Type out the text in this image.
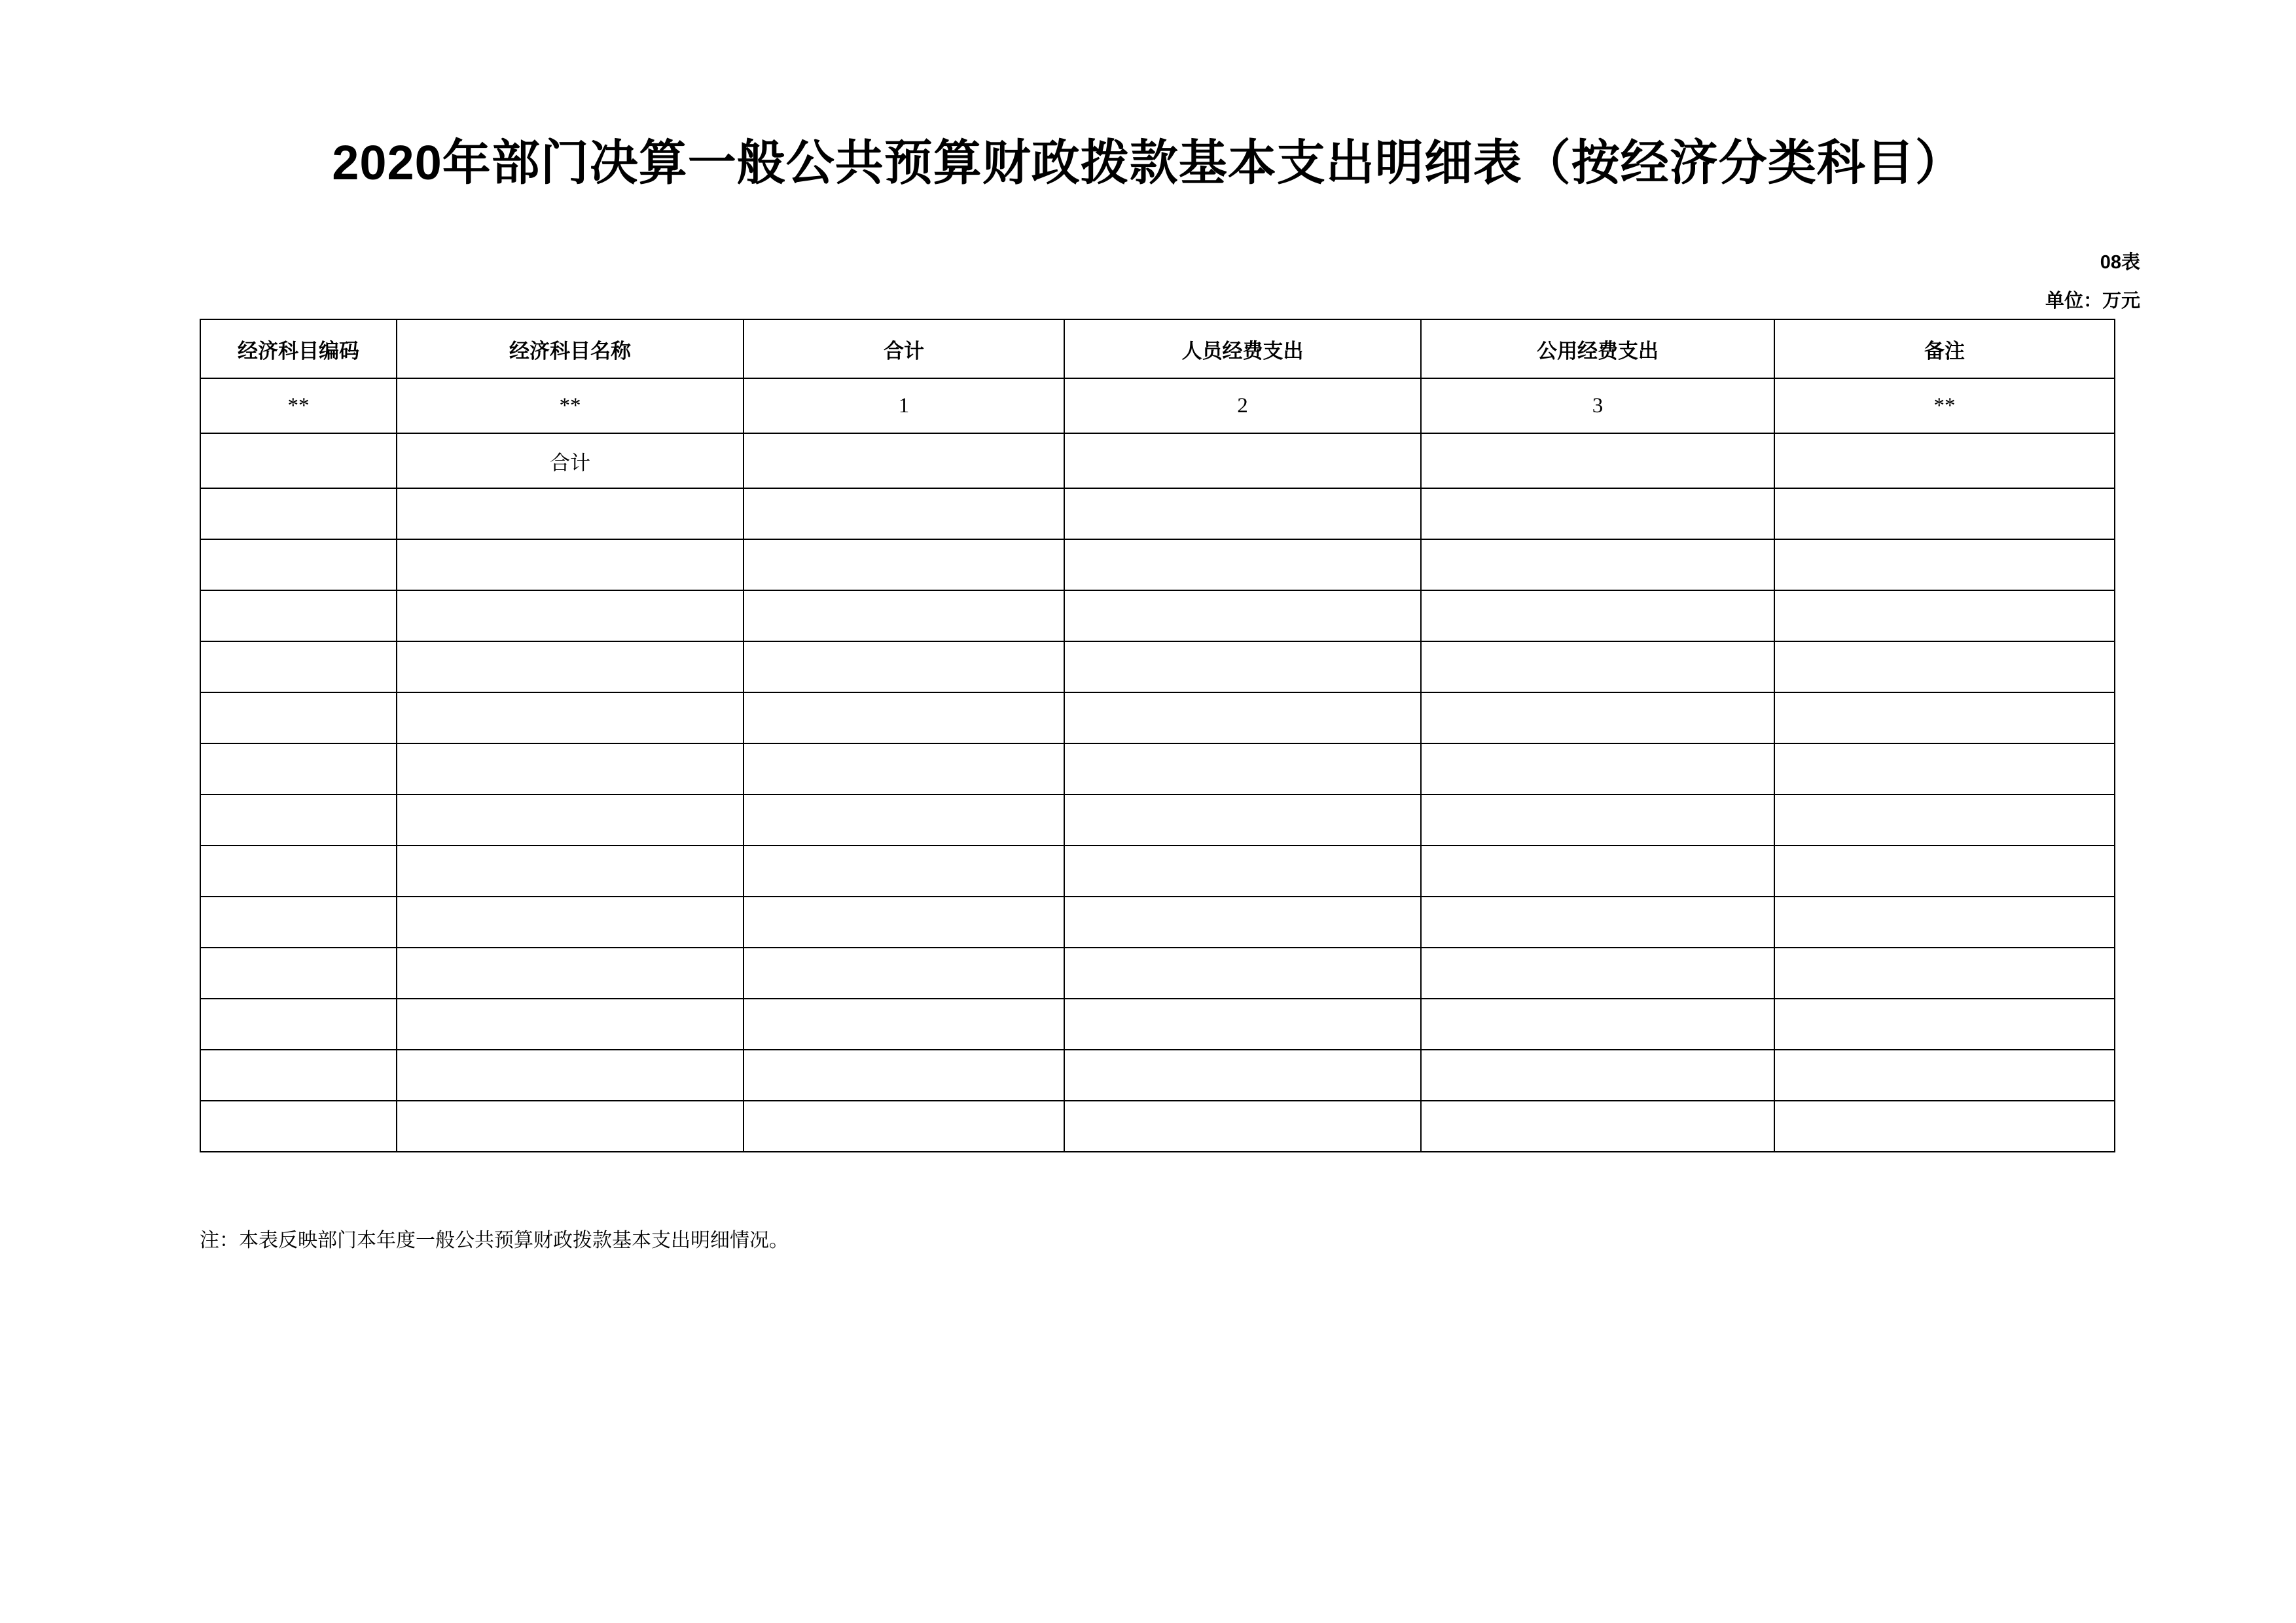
2020年部门决算一般公共预算财政拨款基本支出明细表（按经济分类科目）
08表
单位：万元
经济科目编码	经济科目名称	合计	人员经费支出	公用经费支出	备注
**	**	1	2	3	**
	合计				

注：本表反映部门本年度一般公共预算财政拨款基本支出明细情况。
